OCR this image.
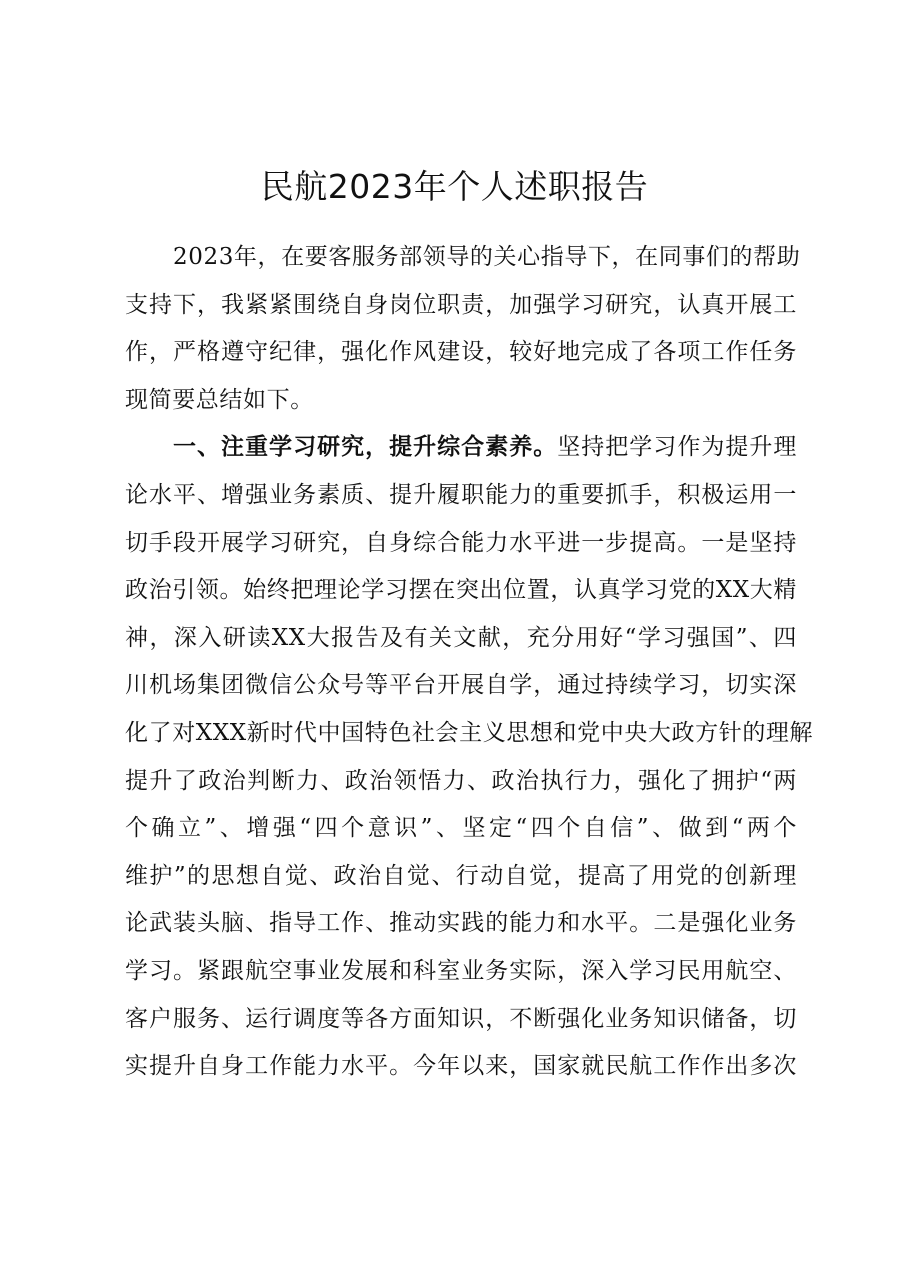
民航2023年个人述职报告
2023年，在要客服务部领导的关心指导下，在同事们的帮助
支持下，我紧紧围绕自身岗位职责，加强学习研究，认真开展工
作，严格遵守纪律，强化作风建设，较好地完成了各项工作任务
现简要总结如下。
一、注重学习研究，提升综合素养。坚持把学习作为提升理
论水平、增强业务素质、提升履职能力的重要抓手，积极运用一
切手段开展学习研究，自身综合能力水平进一步提高。一是坚持
政治引领。始终把理论学习摆在突出位置，认真学习党的XX大精
神，深入研读XX大报告及有关文献，充分用好“学习强国”、四
川机场集团微信公众号等平台开展自学，通过持续学习，切实深
化了对XXX新时代中国特色社会主义思想和党中央大政方针的理解
提升了政治判断力、政治领悟力、政治执行力，强化了拥护“两
个确立”、增强“四个意识”、坚定“四个自信”、做到“两个
维护”的思想自觉、政治自觉、行动自觉，提高了用党的创新理
论武装头脑、指导工作、推动实践的能力和水平。二是强化业务
学习。紧跟航空事业发展和科室业务实际，深入学习民用航空、
客户服务、运行调度等各方面知识，不断强化业务知识储备，切
实提升自身工作能力水平。今年以来，国家就民航工作作出多次
